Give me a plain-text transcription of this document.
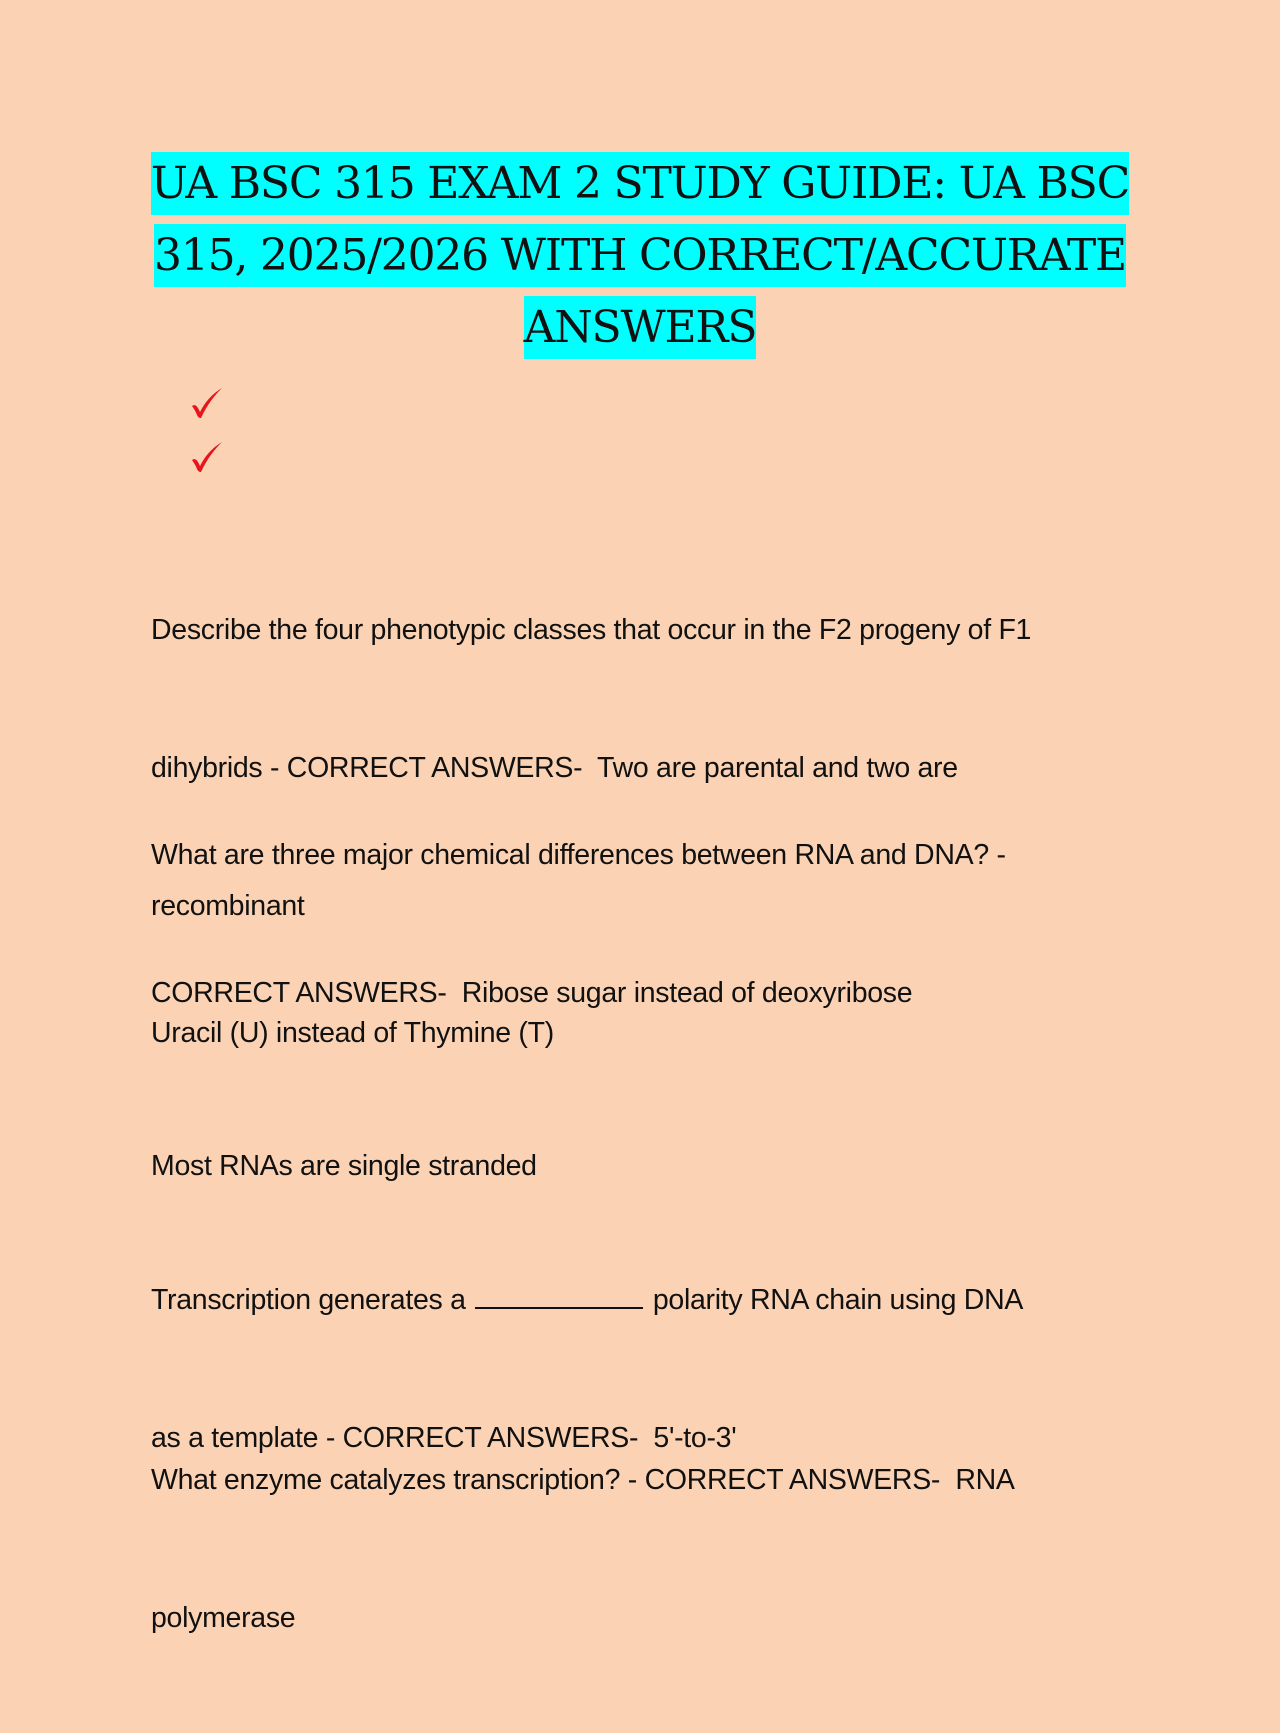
UA BSC 315 EXAM 2 STUDY GUIDE: UA BSC
315, 2025/2026 WITH CORRECT/ACCURATE
ANSWERS

Describe the four phenotypic classes that occur in the F2 progeny of F1

dihybrids - CORRECT ANSWERS-  Two are parental and two are

recombinant

What are three major chemical differences between RNA and DNA? -

CORRECT ANSWERS-  Ribose sugar instead of deoxyribose

Uracil (U) instead of Thymine (T)

Most RNAs are single stranded

Transcription generates a	polarity RNA chain using DNA

as a template - CORRECT ANSWERS-  5'-to-3'

What enzyme catalyzes transcription? - CORRECT ANSWERS-  RNA

polymerase
